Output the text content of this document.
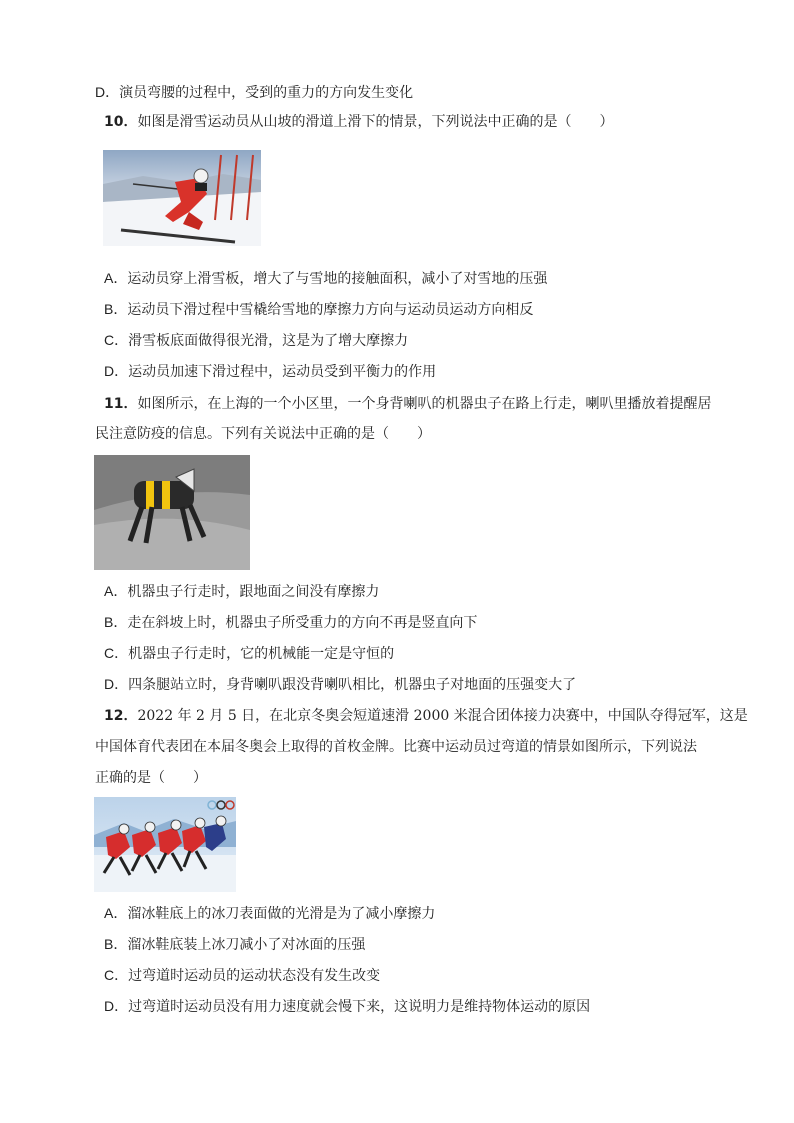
D．演员弯腰的过程中，受到的重力的方向发生变化
10．如图是滑雪运动员从山坡的滑道上滑下的情景，下列说法中正确的是（　　）
A．运动员穿上滑雪板，增大了与雪地的接触面积，减小了对雪地的压强
B．运动员下滑过程中雪橇给雪地的摩擦力方向与运动员运动方向相反
C．滑雪板底面做得很光滑，这是为了增大摩擦力
D．运动员加速下滑过程中，运动员受到平衡力的作用
11．如图所示，在上海的一个小区里，一个身背喇叭的机器虫子在路上行走，喇叭里播放着提醒居
民注意防疫的信息。下列有关说法中正确的是（　　）
A．机器虫子行走时，跟地面之间没有摩擦力
B．走在斜坡上时，机器虫子所受重力的方向不再是竖直向下
C．机器虫子行走时，它的机械能一定是守恒的
D．四条腿站立时，身背喇叭跟没背喇叭相比，机器虫子对地面的压强变大了
12．2022 年 2 月 5 日，在北京冬奥会短道速滑 2000 米混合团体接力决赛中，中国队夺得冠军，这是
中国体育代表团在本届冬奥会上取得的首枚金牌。比赛中运动员过弯道的情景如图所示，下列说法
正确的是（　　）
A．溜冰鞋底上的冰刀表面做的光滑是为了减小摩擦力
B．溜冰鞋底装上冰刀减小了对冰面的压强
C．过弯道时运动员的运动状态没有发生改变
D．过弯道时运动员没有用力速度就会慢下来，这说明力是维持物体运动的原因
